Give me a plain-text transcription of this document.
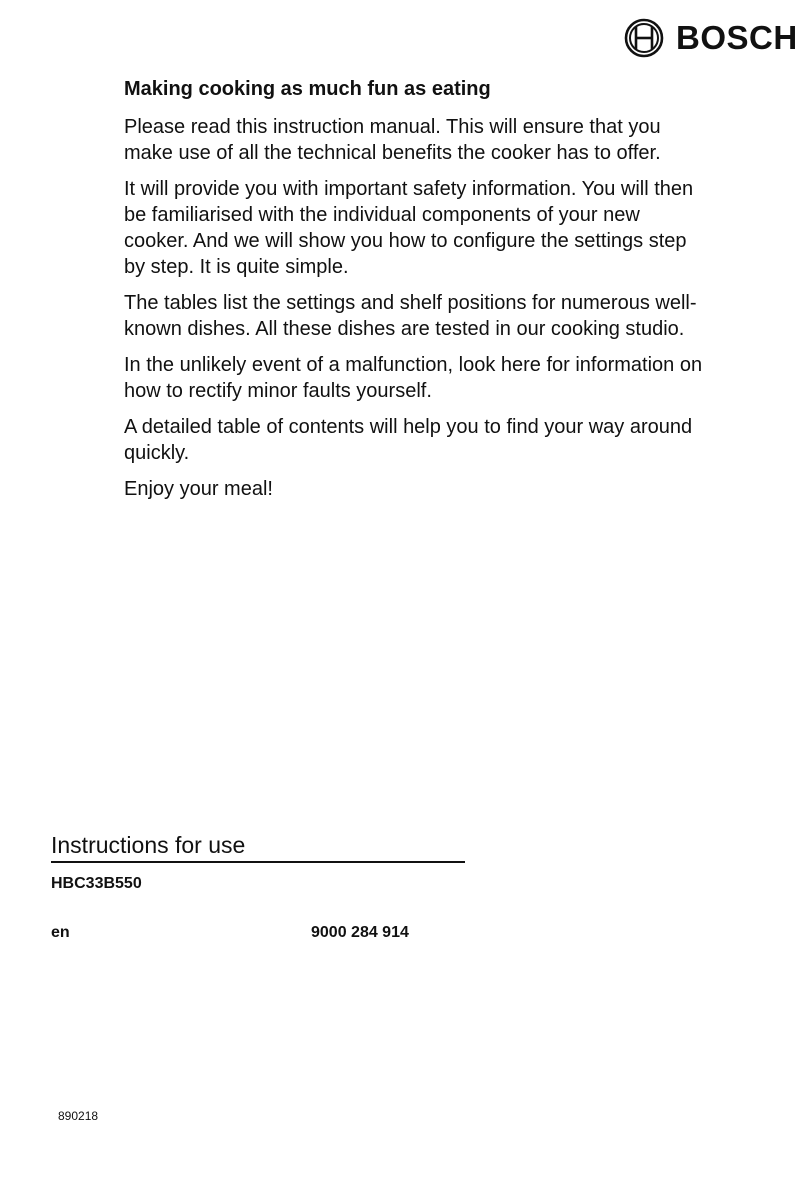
BOSCH
Making cooking as much fun as eating

Please read this instruction manual. This will ensure that you make use of all the technical benefits the cooker has to offer.

It will provide you with important safety information. You will then be familiarised with the individual components of your new cooker. And we will show you how to configure the settings step by step. It is quite simple.

The tables list the settings and shelf positions for numerous well-known dishes. All these dishes are tested in our cooking studio.

In the unlikely event of a malfunction, look here for information on how to rectify minor faults yourself.

A detailed table of contents will help you to find your way around quickly.

Enjoy your meal!

Instructions for use
HBC33B550
en	9000 284 914
890218
